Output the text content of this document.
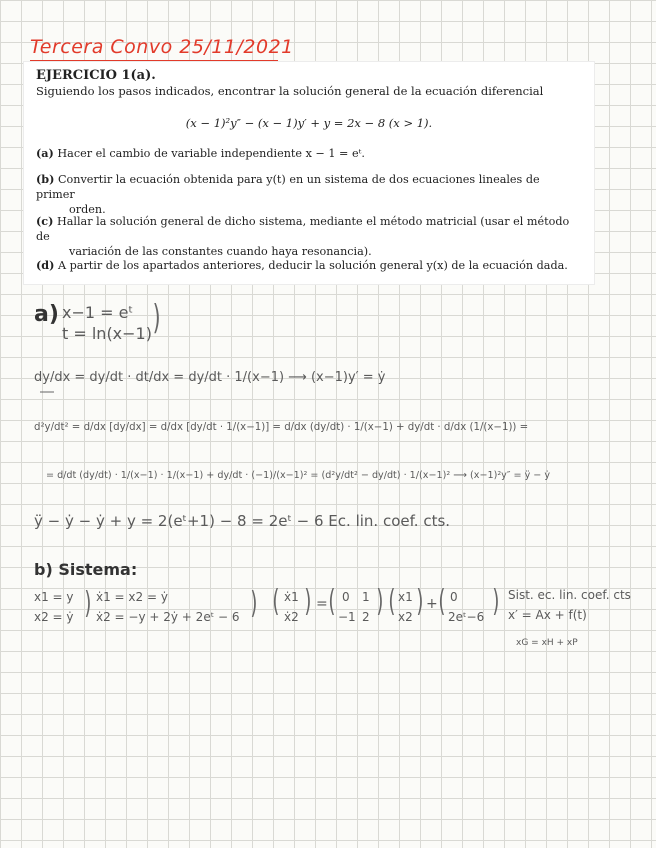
Tercera Convo 25/11/2021
EJERCICIO 1(a).
Siguiendo los pasos indicados, encontrar la solución general de la ecuación diferencial
(x − 1)²y″ − (x − 1)y′ + y = 2x − 8 (x > 1).
(a) Hacer el cambio de variable independiente x − 1 = eᵗ.
(b) Convertir la ecuación obtenida para y(t) en un sistema de dos ecuaciones lineales de primer
orden.
(c) Hallar la solución general de dicho sistema, mediante el método matricial (usar el método de
variación de las constantes cuando haya resonancia).
(d) A partir de los apartados anteriores, deducir la solución general y(x) de la ecuación dada.
a) x−1 = eᵗ
t = ln(x−1) )
dy/dx = dy/dt · dt/dx = dy/dt · 1/(x−1) ⟶ (x−1)y′ = ẏ
d²y/dt² = d/dx [dy/dx] = d/dx [dy/dt · 1/(x−1)] = d/dx (dy/dt) · 1/(x−1) + dy/dt · d/dx (1/(x−1)) =
= d/dt (dy/dt) · 1/(x−1) · 1/(x−1) + dy/dt · (−1)/(x−1)² = (d²y/dt² − dy/dt) · 1/(x−1)² ⟶ (x−1)²y″ = ÿ − ẏ
ÿ − ẏ − ẏ + y = 2(eᵗ+1) − 8 = 2eᵗ − 6 Ec. lin. coef. cts.
b) Sistema:
x1 = y
x2 = ẏ ) ẋ1 = x2 = ẏ
ẋ2 = −y + 2ẏ + 2eᵗ − 6 ) ( ẋ1
ẋ2 ) = ( 0 1
−1 2 ) ( x1
x2 ) + ( 0
2eᵗ−6 ) Sist. ec. lin. coef. cts
x′ = Ax + f(t)
xG = xH + xP
